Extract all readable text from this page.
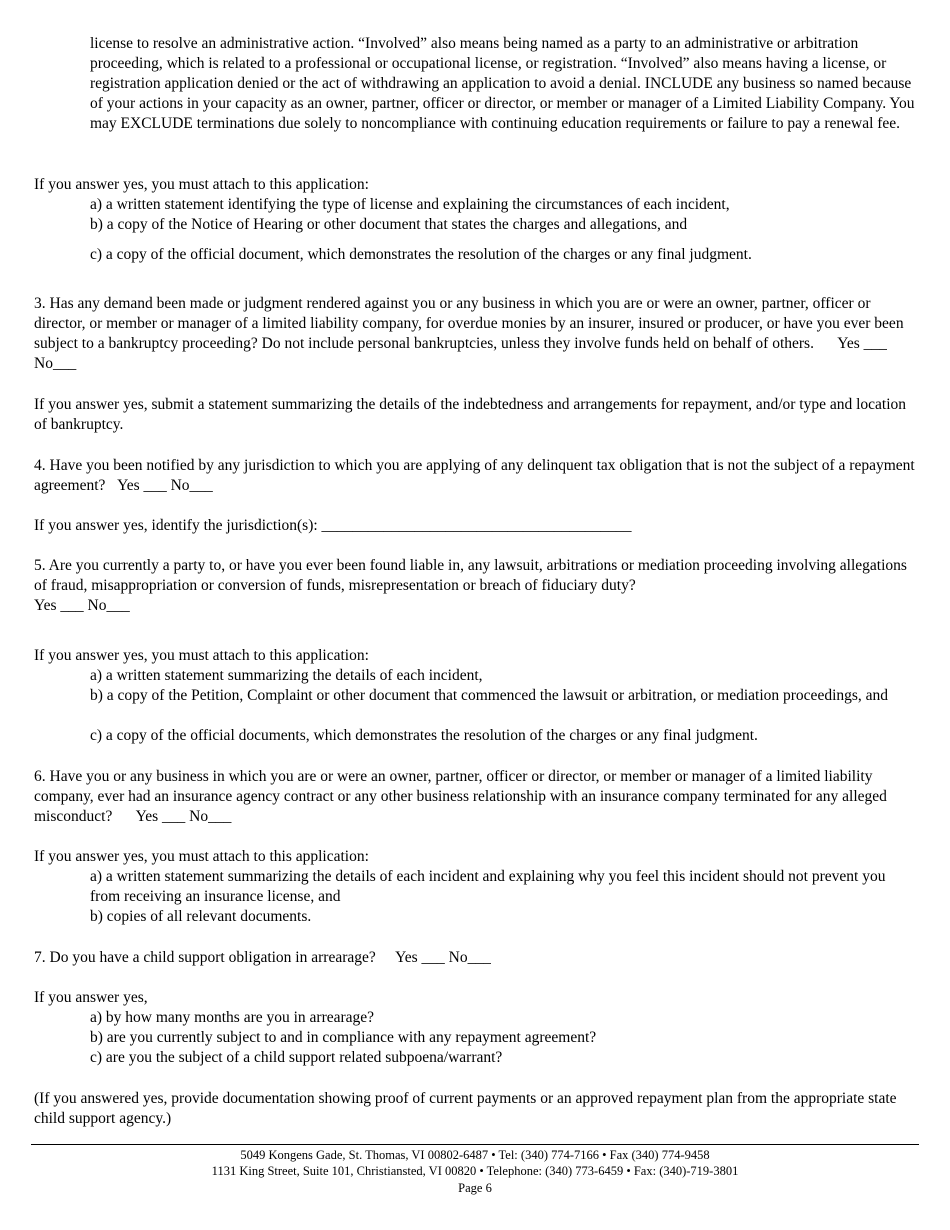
license to resolve an administrative action. “Involved” also means being named as a party to an administrative or arbitration proceeding, which is related to a professional or occupational license, or registration. “Involved” also means having a license, or registration application denied or the act of withdrawing an application to avoid a denial. INCLUDE any business so named because of your actions in your capacity as an owner, partner, officer or director, or member or manager of a Limited Liability Company. You may EXCLUDE terminations due solely to noncompliance with continuing education requirements or failure to pay a renewal fee.

If you answer yes, you must attach to this application:

a) a written statement identifying the type of license and explaining the circumstances of each incident,

b) a copy of the Notice of Hearing or other document that states the charges and allegations, and

c) a copy of the official document, which demonstrates the resolution of the charges or any final judgment.

3. Has any demand been made or judgment rendered against you or any business in which you are or were an owner, partner, officer or director, or member or manager of a limited liability company, for overdue monies by an insurer, insured or producer, or have you ever been subject to a bankruptcy proceeding? Do not include personal bankruptcies, unless they involve funds held on behalf of others. Yes ___ No___

If you answer yes, submit a statement summarizing the details of the indebtedness and arrangements for repayment, and/or type and location of bankruptcy.

4. Have you been notified by any jurisdiction to which you are applying of any delinquent tax obligation that is not the subject of a repayment agreement? Yes ___ No___

If you answer yes, identify the jurisdiction(s): ________________________________________

5. Are you currently a party to, or have you ever been found liable in, any lawsuit, arbitrations or mediation proceeding involving allegations of fraud, misappropriation or conversion of funds, misrepresentation or breach of fiduciary duty?
Yes ___ No___

If you answer yes, you must attach to this application:

a) a written statement summarizing the details of each incident,

b) a copy of the Petition, Complaint or other document that commenced the lawsuit or arbitration, or mediation proceedings, and

c) a copy of the official documents, which demonstrates the resolution of the charges or any final judgment.

6. Have you or any business in which you are or were an owner, partner, officer or director, or member or manager of a limited liability company, ever had an insurance agency contract or any other business relationship with an insurance company terminated for any alleged misconduct? Yes ___ No___

If you answer yes, you must attach to this application:

a) a written statement summarizing the details of each incident and explaining why you feel this incident should not prevent you from receiving an insurance license, and

b) copies of all relevant documents.

7. Do you have a child support obligation in arrearage? Yes ___ No___

If you answer yes,

a) by how many months are you in arrearage?

b) are you currently subject to and in compliance with any repayment agreement?

c) are you the subject of a child support related subpoena/warrant?

(If you answered yes, provide documentation showing proof of current payments or an approved repayment plan from the appropriate state child support agency.)

5049 Kongens Gade, St. Thomas, VI 00802-6487 • Tel: (340) 774-7166 • Fax (340) 774-9458
1131 King Street, Suite 101, Christiansted, VI 00820 • Telephone: (340) 773-6459 • Fax: (340)-719-3801
Page 6
